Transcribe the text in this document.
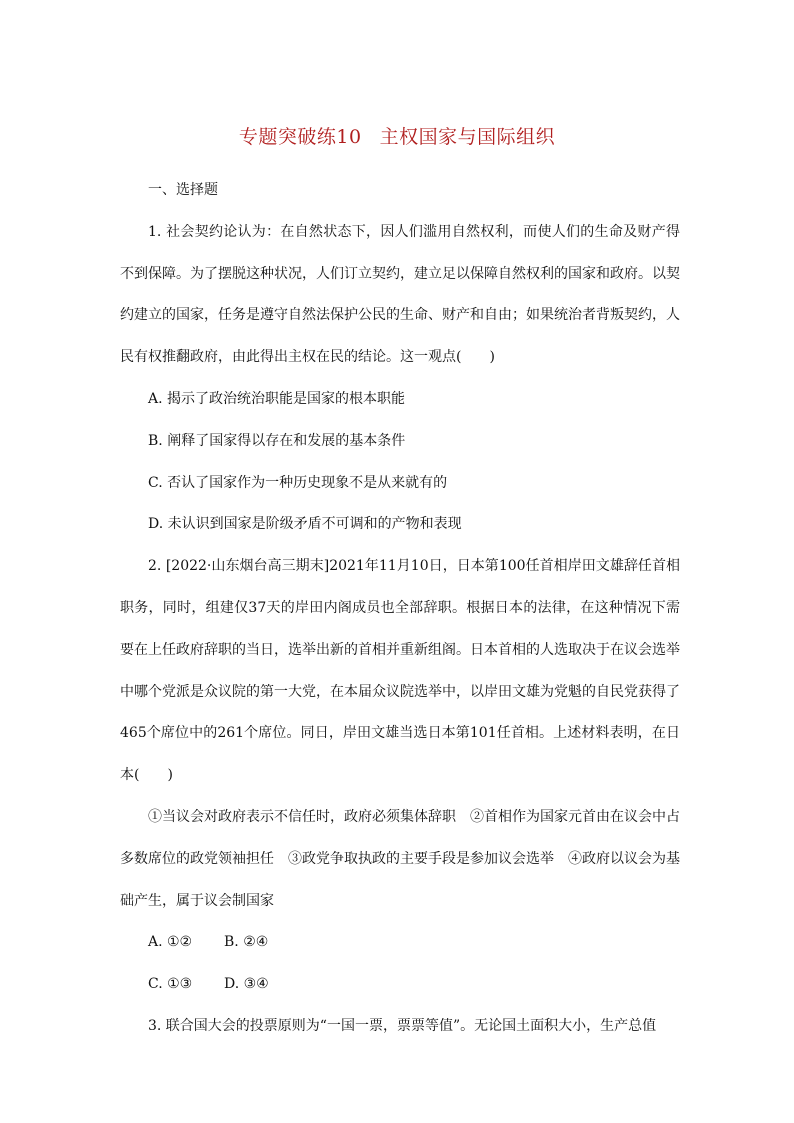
专题突破练10 主权国家与国际组织

一、选择题

1. 社会契约论认为：在自然状态下，因人们滥用自然权利，而使人们的生命及财产得不到保障。为了摆脱这种状况，人们订立契约，建立足以保障自然权利的国家和政府。以契约建立的国家，任务是遵守自然法保护公民的生命、财产和自由；如果统治者背叛契约，人民有权推翻政府，由此得出主权在民的结论。这一观点(　　)

A. 揭示了政治统治职能是国家的根本职能

B. 阐释了国家得以存在和发展的基本条件

C. 否认了国家作为一种历史现象不是从来就有的

D. 未认识到国家是阶级矛盾不可调和的产物和表现

2. [2022·山东烟台高三期末]2021年11月10日，日本第100任首相岸田文雄辞任首相职务，同时，组建仅37天的岸田内阁成员也全部辞职。根据日本的法律，在这种情况下需要在上任政府辞职的当日，选举出新的首相并重新组阁。日本首相的人选取决于在议会选举中哪个党派是众议院的第一大党，在本届众议院选举中，以岸田文雄为党魁的自民党获得了465个席位中的261个席位。同日，岸田文雄当选日本第101任首相。上述材料表明，在日本(　　)

①当议会对政府表示不信任时，政府必须集体辞职　②首相作为国家元首由在议会中占多数席位的政党领袖担任　③政党争取执政的主要手段是参加议会选举　④政府以议会为基础产生，属于议会制国家

A. ①② B. ②④

C. ①③ D. ③④

3. 联合国大会的投票原则为“一国一票，票票等值”。无论国土面积大小，生产总值
